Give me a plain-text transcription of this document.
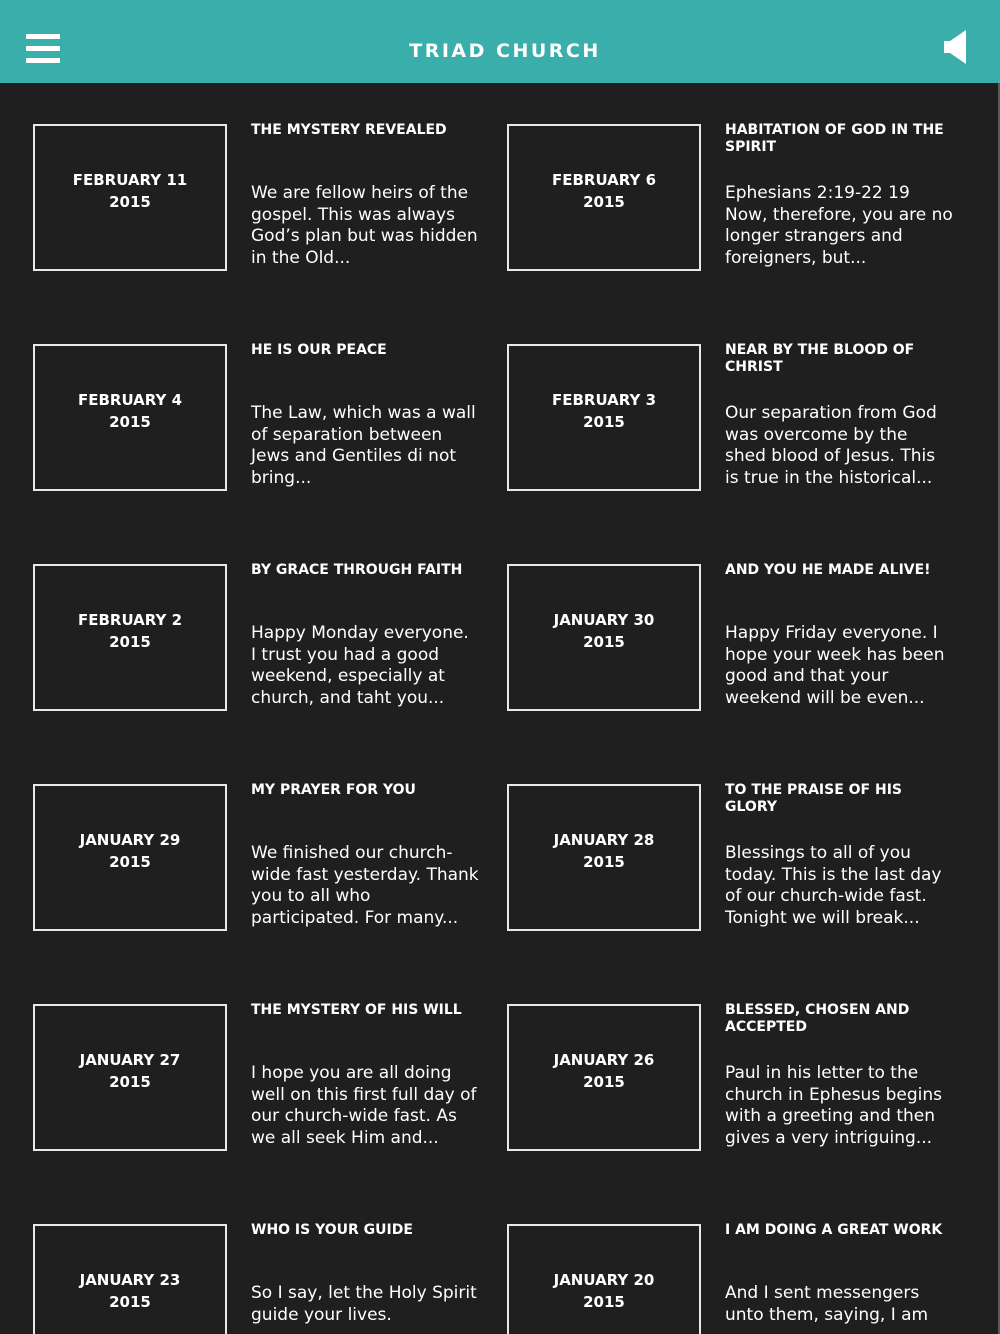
TRIAD CHURCH
FEBRUARY 11
2015
THE MYSTERY REVEALED
We are fellow heirs of the gospel. This was always God’s plan but was hidden in the Old...
FEBRUARY 6
2015
HABITATION OF GOD IN THE SPIRIT
Ephesians 2:19-22 19 Now, therefore, you are no longer strangers and foreigners, but...
FEBRUARY 4
2015
HE IS OUR PEACE
The Law, which was a wall of separation between Jews and Gentiles di not bring...
FEBRUARY 3
2015
NEAR BY THE BLOOD OF CHRIST
Our separation from God was overcome by the shed blood of Jesus. This is true in the historical...
FEBRUARY 2
2015
BY GRACE THROUGH FAITH
Happy Monday everyone. I trust you had a good weekend, especially at church, and taht you...
JANUARY 30
2015
AND YOU HE MADE ALIVE!
Happy Friday everyone. I hope your week has been good and that your weekend will be even...
JANUARY 29
2015
MY PRAYER FOR YOU
We finished our church-wide fast yesterday. Thank you to all who participated. For many...
JANUARY 28
2015
TO THE PRAISE OF HIS GLORY
Blessings to all of you today. This is the last day of our church-wide fast. Tonight we will break...
JANUARY 27
2015
THE MYSTERY OF HIS WILL
I hope you are all doing well on this first full day of our church-wide fast. As we all seek Him and...
JANUARY 26
2015
BLESSED, CHOSEN AND ACCEPTED
Paul in his letter to the church in Ephesus begins with a greeting and then gives a very intriguing...
JANUARY 23
2015
WHO IS YOUR GUIDE
So I say, let the Holy Spirit guide your lives.
JANUARY 20
2015
I AM DOING A GREAT WORK
And I sent messengers unto them, saying, I am
